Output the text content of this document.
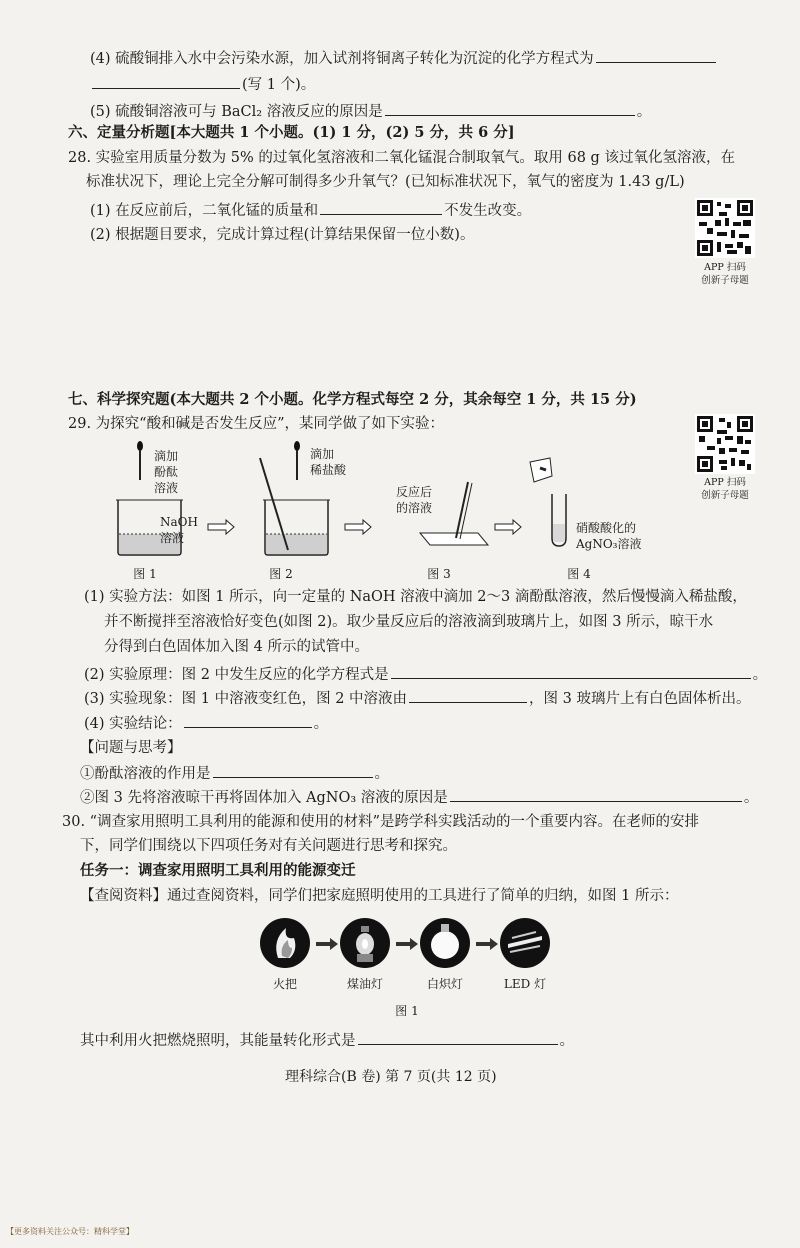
(4) 硫酸铜排入水中会污染水源，加入试剂将铜离子转化为沉淀的化学方程式为
(写 1 个)。
(5) 硫酸铜溶液可与 BaCl₂ 溶液反应的原因是	。
六、定量分析题[本大题共 1 个小题。(1) 1 分，(2) 5 分，共 6 分]
28. 实验室用质量分数为 5% 的过氧化氢溶液和二氧化锰混合制取氧气。取用 68 g 该过氧化氢溶液，在
标准状况下，理论上完全分解可制得多少升氧气？(已知标准状况下，氧气的密度为 1.43 g/L)
(1) 在反应前后，二氧化锰的质量和	不发生改变。
(2) 根据题目要求，完成计算过程(计算结果保留一位小数)。
APP 扫码
创新子母题
七、科学探究题(本大题共 2 个小题。化学方程式每空 2 分，其余每空 1 分，共 15 分)
29. 为探究“酸和碱是否发生反应”，某同学做了如下实验：
APP 扫码
创新子母题
滴加
酚酞
溶液
NaOH
溶液
滴加
稀盐酸
反应后
的溶液
硝酸酸化的
AgNO₃溶液
图 1	图 2	图 3	图 4
(1) 实验方法：如图 1 所示，向一定量的 NaOH 溶液中滴加 2～3 滴酚酞溶液，然后慢慢滴入稀盐酸，
并不断搅拌至溶液恰好变色(如图 2)。取少量反应后的溶液滴到玻璃片上，如图 3 所示，晾干水
分得到白色固体加入图 4 所示的试管中。
(2) 实验原理：图 2 中发生反应的化学方程式是	。
(3) 实验现象：图 1 中溶液变红色，图 2 中溶液由	，图 3 玻璃片上有白色固体析出。
(4) 实验结论：	。
【问题与思考】
①酚酞溶液的作用是	。
②图 3 先将溶液晾干再将固体加入 AgNO₃ 溶液的原因是	。
30. “调查家用照明工具利用的能源和使用的材料”是跨学科实践活动的一个重要内容。在老师的安排
下，同学们围绕以下四项任务对有关问题进行思考和探究。
任务一：调查家用照明工具利用的能源变迁
【查阅资料】通过查阅资料，同学们把家庭照明使用的工具进行了简单的归纳，如图 1 所示：
火把	煤油灯	白炽灯	LED 灯
图 1
其中利用火把燃烧照明，其能量转化形式是	。
理科综合(B 卷) 第 7 页(共 12 页)
【更多资料关注公众号：精科学堂】
